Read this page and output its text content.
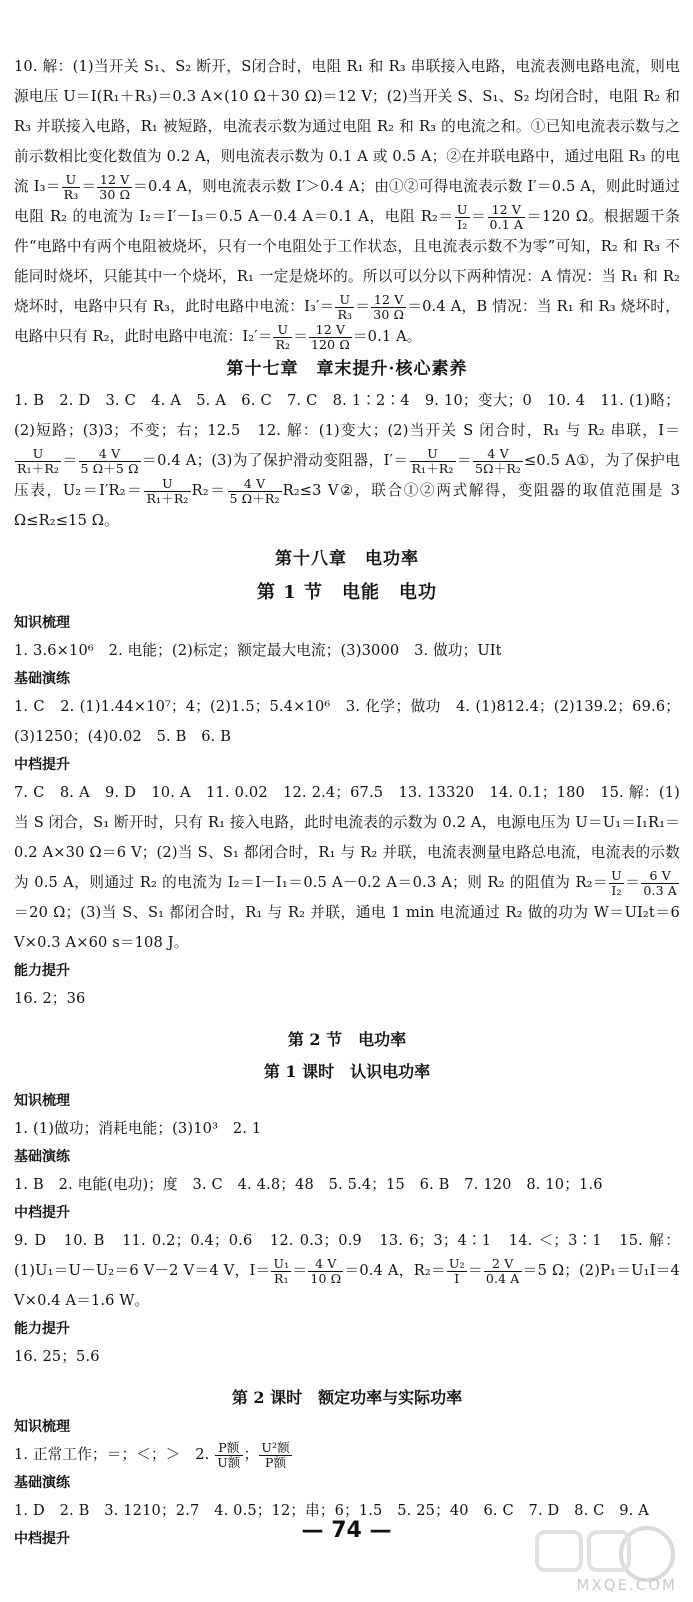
10. 解：(1)当开关 S₁、S₂ 断开，S闭合时，电阻 R₁ 和 R₃ 串联接入电路，电流表测电路电流，则电源电压 U＝I(R₁＋R₃)＝0.3 A×(10 Ω＋30 Ω)＝12 V；(2)当开关 S、S₁、S₂ 均闭合时，电阻 R₂ 和 R₃ 并联接入电路，R₁ 被短路，电流表示数为通过电阻 R₂ 和 R₃ 的电流之和。①已知电流表示数与之前示数相比变化数值为 0.2 A，则电流表示数为 0.1 A 或 0.5 A；②在并联电路中，通过电阻 R₃ 的电流 $I_3= \frac{U}{\text{R₃}} = \frac{12 V}{30 \Omega} =0.4$ A，则电流表示数 I′＞0.4 A；由①②可得电流表示数 I′＝0.5 A，则此时通过电阻 R₂ 的电流为 I₂＝I′－I₃＝0.5 A－0.4 A＝0.1 A，电阻 $R_2= \frac{U}{\text{I₂}} = \frac{12 V}{0.1 A} =120$ Ω。根据题干条件“电路中有两个电阻被烧坏，只有一个电阻处于工作状态，且电流表示数不为零”可知，R₂ 和 R₃ 不能同时烧坏，只能其中一个烧坏，R₁ 一定是烧坏的。所以可以分以下两种情况：A 情况：当 R₁ 和 R₂ 烧坏时，电路中只有 R₃，此时电路中电流：$I_3'= \frac{U}{\text{R₃}} = \frac{12 V}{30 \Omega} =0.4$ A，B 情况：当 R₁ 和 R₃ 烧坏时，电路中只有 R₂，此时电路中电流：$I_2'= \frac{U}{\text{R₂}} = \frac{12 V}{120 \Omega} =0.1$ A。

第十七章　章末提升·核心素养

1. B　2. D　3. C　4. A　5. A　6. C　7. C　8. 1∶2∶4　9. 10；变大；0　10. 4　11. (1)略；(2)短路；(3)3；不变；右；12.5　12. 解：(1)变大；(2)当开关 S 闭合时，R₁ 与 R₂ 串联，I＝
$\frac{U}{\text{R₁＋R₂}} = \frac{4 V}{5 \Omega+5 \Omega} =0.4$ A；(3)为了保护滑动变阻器，$I'= \frac{U}{\text{R₁＋R₂}} = \frac{4 V}{\text{5Ω＋R₂}} \le 0.5$ A①，为了保护电压表，$U_2=I'R_2= \frac{U}{\text{R₁＋R₂}} R_2= \frac{4 V}{\text{5 Ω＋R₂}} R_2\le 3$ V②，联合①②两式解得，变阻器的取值范围是 3 Ω≤R₂≤15 Ω。

第十八章　电功率

第 1 节　电能　电功

知识梳理

1. 3.6×10⁶　2. 电能；(2)标定；额定最大电流；(3)3000　3. 做功；UIt

基础演练

1. C　2. (1)1.44×10⁷；4；(2)1.5；5.4×10⁶　3. 化学；做功　4. (1)812.4；(2)139.2；69.6；(3)1250；(4)0.02　5. B　6. B

中档提升

7. C　8. A　9. D　10. A　11. 0.02　12. 2.4；67.5　13. 13320　14. 0.1；180　15. 解：(1)当 S 闭合，S₁ 断开时，只有 R₁ 接入电路，此时电流表的示数为 0.2 A，电源电压为 U＝U₁＝I₁R₁＝0.2 A×30 Ω＝6 V；(2)当 S、S₁ 都闭合时，R₁ 与 R₂ 并联，电流表测量电路总电流，电流表的示数为 0.5 A，则通过 R₂ 的电流为 I₂＝I－I₁＝0.5 A－0.2 A＝0.3 A；则 R₂ 的阻值为 $R_2= \frac{U}{\text{I₂}} = \frac{6 V}{0.3 A}$
＝20 Ω；(3)当 S、S₁ 都闭合时，R₁ 与 R₂ 并联，通电 1 min 电流通过 R₂ 做的功为 W＝UI₂t＝6 V×0.3 A×60 s＝108 J。

能力提升

16. 2；36

第 2 节　电功率

第 1 课时　认识电功率

知识梳理

1. (1)做功；消耗电能；(3)10³　2. 1

基础演练

1. B　2. 电能(电功)；度　3. C　4. 4.8；48　5. 5.4；15　6. B　7. 120　8. 10；1.6

中档提升

9. D　10. B　11. 0.2；0.4；0.6　12. 0.3；0.9　13. 6；3；4∶1　14. ＜；3∶1　15. 解：(1)U₁＝U－U₂＝6 V－2 V＝4 V，$I= \frac{\text{U₁}}{\text{R₁}} = \frac{4 V}{10 \Omega} =0.4$ A，$R_2= \frac{\text{U₂}}{I} = \frac{2 V}{0.4 A} =5$ Ω；(2)P₁＝U₁I＝4 V×0.4 A＝1.6 W。

能力提升

16. 25；5.6

第 2 课时　额定功率与实际功率

知识梳理

1. 正常工作；＝；＜；＞　2. $\frac{\text{P额}}{\text{U额}}$ ； $\frac{\text{U²额}}{\text{P额}}$

基础演练

1. D　2. B　3. 1210；2.7　4. 0.5；12；串；6；1.5　5. 25；40　6. C　7. D　8. C　9. A

中档提升	— 74 —
MXQE.COM
